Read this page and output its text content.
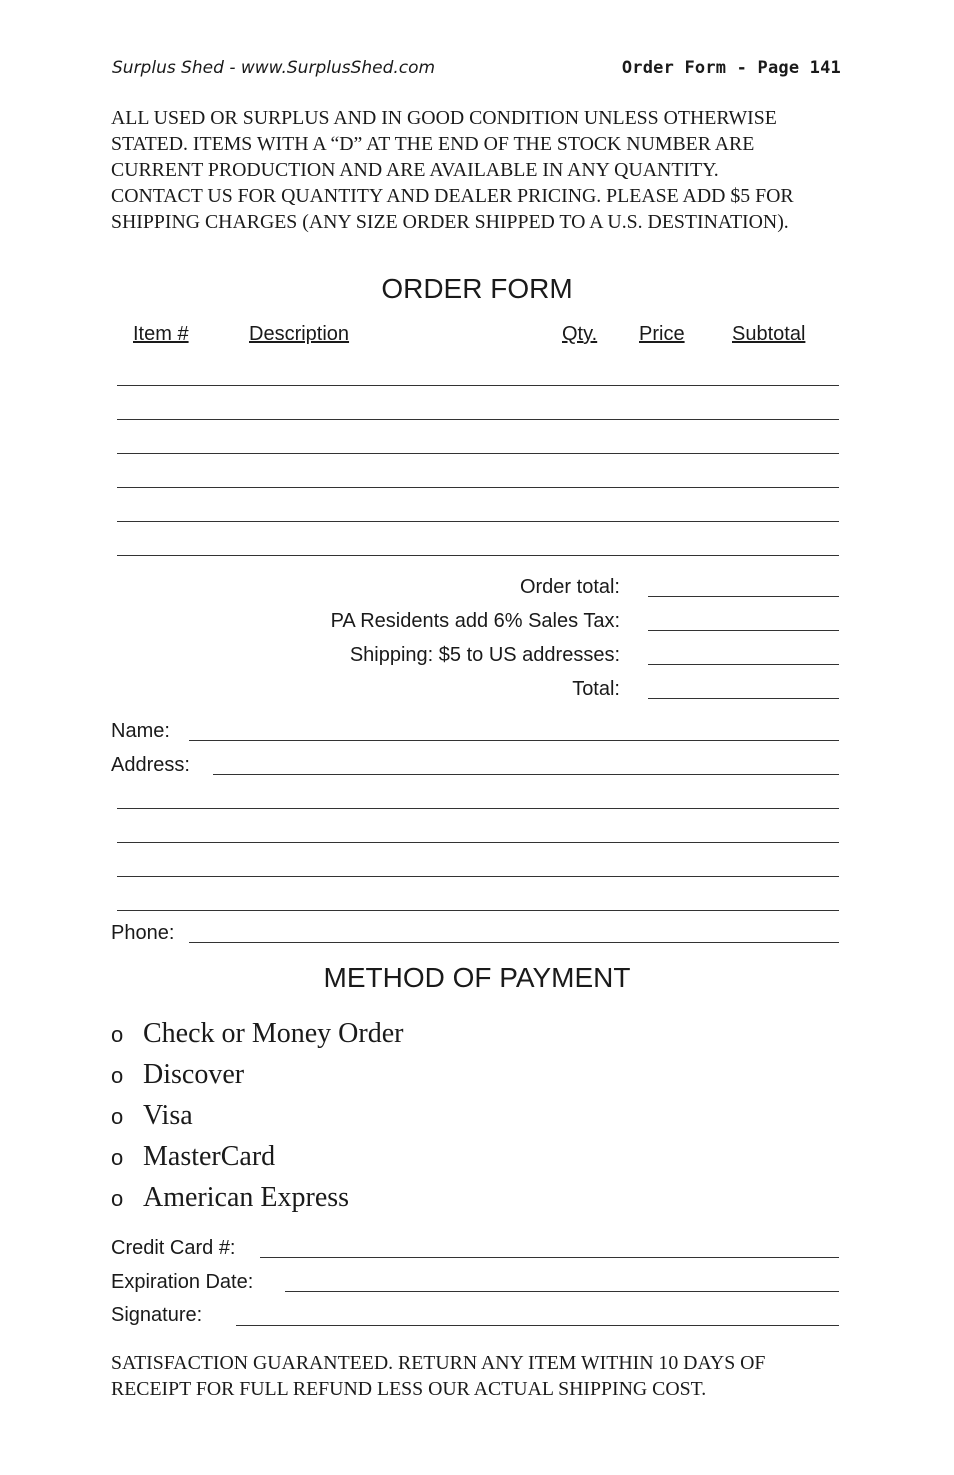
Surplus Shed - www.SurplusShed.com	Order Form - Page 141
ALL USED OR SURPLUS AND IN GOOD CONDITION UNLESS OTHERWISE
STATED. ITEMS WITH A “D” AT THE END OF THE STOCK NUMBER ARE
CURRENT PRODUCTION AND ARE AVAILABLE IN ANY QUANTITY.
CONTACT US FOR QUANTITY AND DEALER PRICING. PLEASE ADD $5 FOR
SHIPPING CHARGES (ANY SIZE ORDER SHIPPED TO A U.S. DESTINATION).
ORDER FORM
Item #	Description	Qty. Price Subtotal
Order total:
PA Residents add 6% Sales Tax:
Shipping: $5 to US addresses:
Total:
Name:
Address:
Phone:
METHOD OF PAYMENT
o Check or Money Order
o Discover
o Visa
o MasterCard
o American Express
Credit Card #:
Expiration Date:
Signature:
SATISFACTION GUARANTEED. RETURN ANY ITEM WITHIN 10 DAYS OF
RECEIPT FOR FULL REFUND LESS OUR ACTUAL SHIPPING COST.
